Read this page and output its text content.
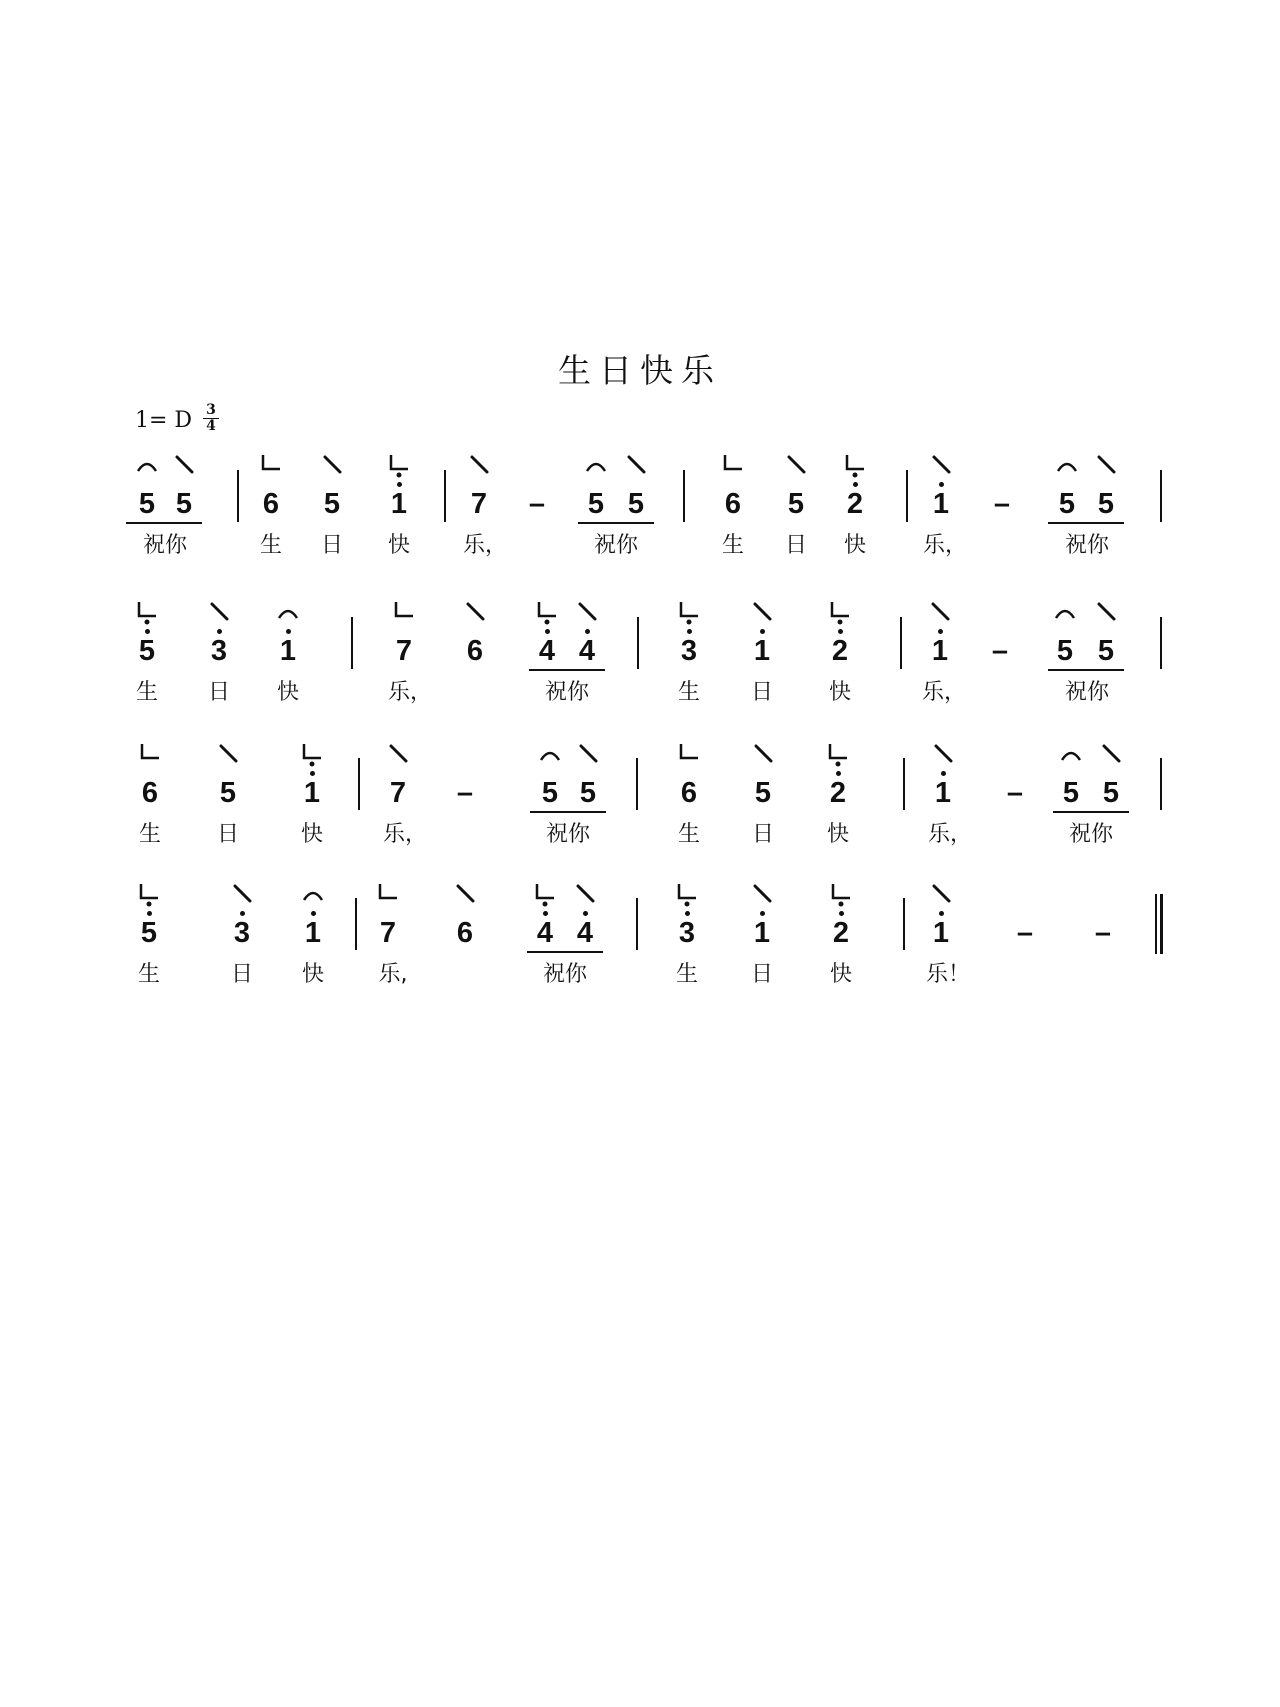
生日快乐
1= D 3
4
5 5
祝你
6
生
5
日
1
快
7
乐，
–	5 5
祝你
6
生
5
日
2
快
1
乐，
–	5 5
祝你
5
生
3
日
1
快
7
乐，
6	4 4
祝你
3
生
1
日
2
快
1
乐，
–	5 5
祝你
6
生
5
日
1
快
7
乐，
–	5 5
祝你
6
生
5
日
2
快
1
乐，
–	5 5
祝你
5
生
3
日
1
快
7
乐,
6	4 4
祝你
3
生
1
日
2
快
1
乐！
– –
